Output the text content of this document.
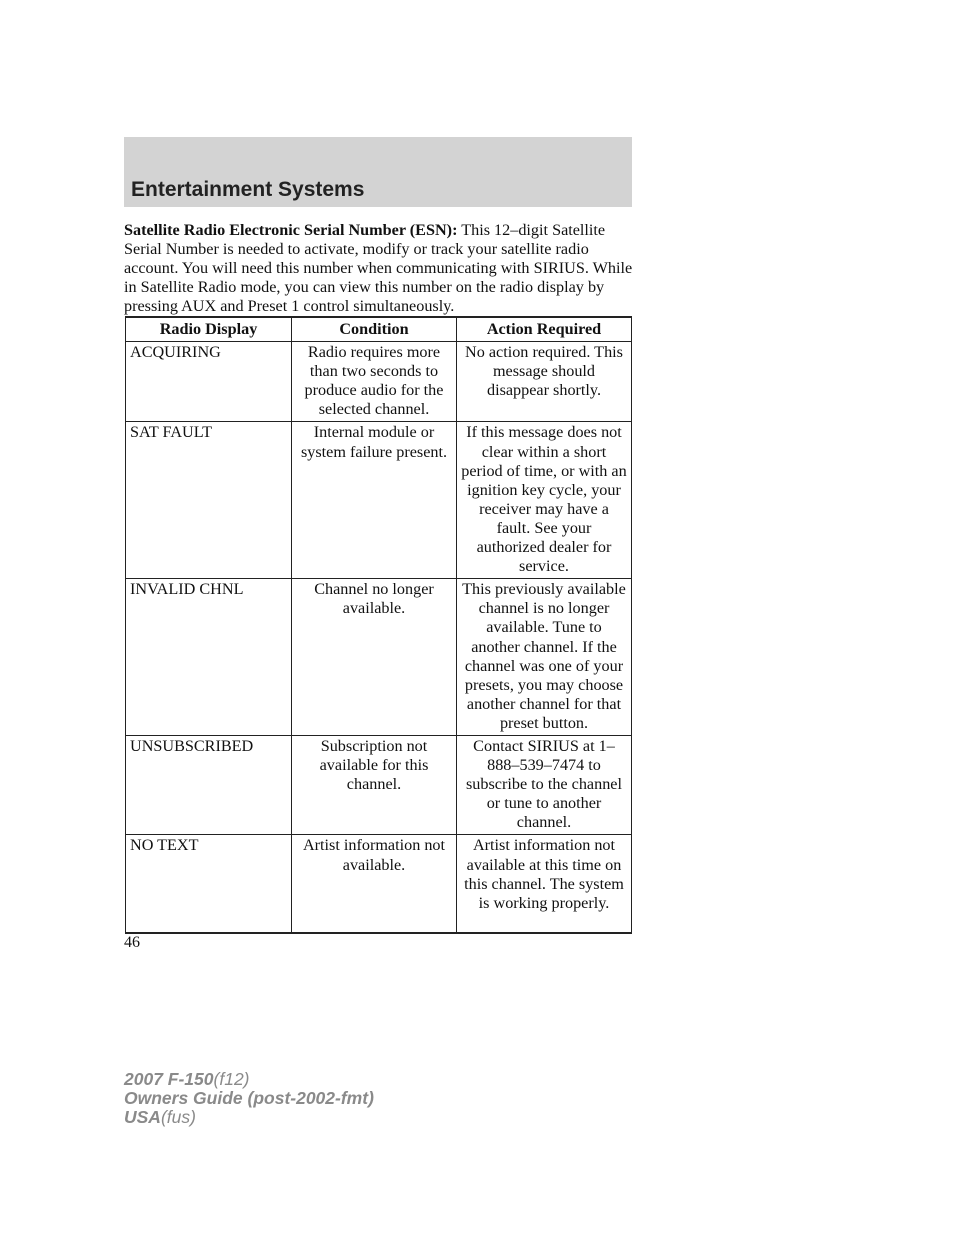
Entertainment Systems

Satellite Radio Electronic Serial Number (ESN): This 12–digit Satellite Serial Number is needed to activate, modify or track your satellite radio account. You will need this number when communicating with SIRIUS. While in Satellite Radio mode, you can view this number on the radio display by pressing AUX and Preset 1 control simultaneously.

Radio Display	Condition	Action Required
ACQUIRING	Radio requires more than two seconds to produce audio for the selected channel.	No action required. This message should disappear shortly.
SAT FAULT	Internal module or system failure present.	If this message does not clear within a short period of time, or with an ignition key cycle, your receiver may have a fault. See your authorized dealer for service.
INVALID CHNL	Channel no longer available.	This previously available channel is no longer available. Tune to another channel. If the channel was one of your presets, you may choose another channel for that preset button.
UNSUBSCRIBED	Subscription not available for this channel.	Contact SIRIUS at 1–888–539–7474 to subscribe to the channel or tune to another channel.
NO TEXT	Artist information not available.	Artist information not available at this time on this channel. The system is working properly.

46

2007 F-150(f12)
Owners Guide (post-2002-fmt)
USA(fus)
